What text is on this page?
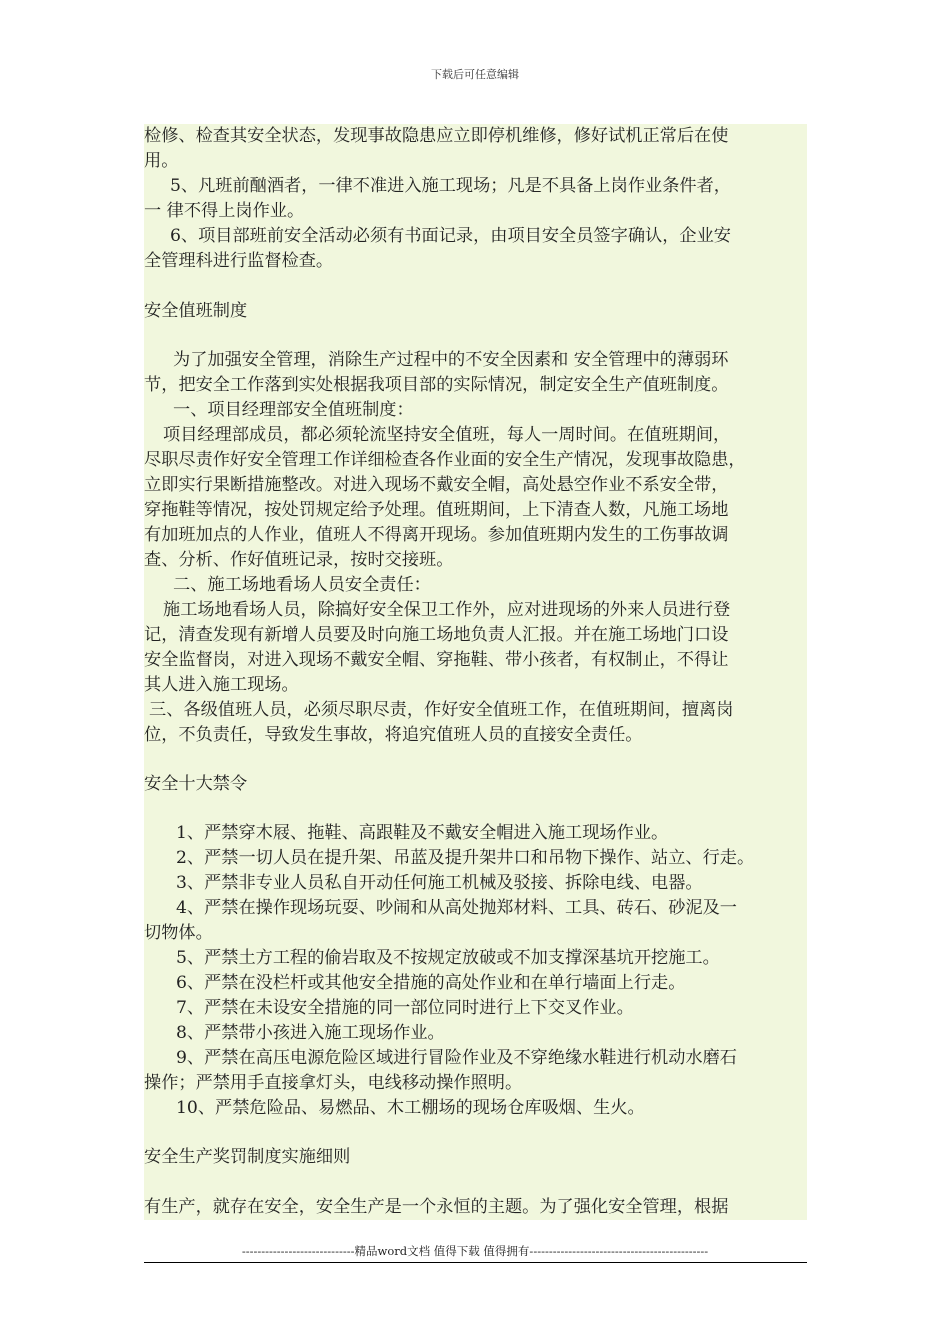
下载后可任意编辑
检修、检查其安全状态，发现事故隐患应立即停机维修，修好试机正常后在使
用。
5、凡班前酗酒者，一律不准进入施工现场；凡是不具备上岗作业条件者，
一 律不得上岗作业。
6、项目部班前安全活动必须有书面记录，由项目安全员签字确认，企业安
全管理科进行监督检查。
安全值班制度
为了加强安全管理，消除生产过程中的不安全因素和 安全管理中的薄弱环
节，把安全工作落到实处根据我项目部的实际情况，制定安全生产值班制度。
一、项目经理部安全值班制度：
项目经理部成员，都必须轮流坚持安全值班，每人一周时间。在值班期间，
尽职尽责作好安全管理工作详细检查各作业面的安全生产情况，发现事故隐患，
立即实行果断措施整改。对进入现场不戴安全帽，高处悬空作业不系安全带，
穿拖鞋等情况，按处罚规定给予处理。值班期间，上下清查人数，凡施工场地
有加班加点的人作业，值班人不得离开现场。参加值班期内发生的工伤事故调
查、分析、作好值班记录，按时交接班。
二、施工场地看场人员安全责任：
施工场地看场人员，除搞好安全保卫工作外，应对进现场的外来人员进行登
记，清查发现有新增人员要及时向施工场地负责人汇报。并在施工场地门口设
安全监督岗，对进入现场不戴安全帽、穿拖鞋、带小孩者，有权制止，不得让
其人进入施工现场。
三、各级值班人员，必须尽职尽责，作好安全值班工作，在值班期间，擅离岗
位，不负责任，导致发生事故，将追究值班人员的直接安全责任。
安全十大禁令
1、严禁穿木屐、拖鞋、高跟鞋及不戴安全帽进入施工现场作业。
2、严禁一切人员在提升架、吊蓝及提升架井口和吊物下操作、站立、行走。
3、严禁非专业人员私自开动任何施工机械及驳接、拆除电线、电器。
4、严禁在操作现场玩耍、吵闹和从高处抛郑材料、工具、砖石、砂泥及一
切物体。
5、严禁土方工程的偷岩取及不按规定放破或不加支撑深基坑开挖施工。
6、严禁在没栏杆或其他安全措施的高处作业和在单行墙面上行走。
7、严禁在未设安全措施的同一部位同时进行上下交叉作业。
8、严禁带小孩进入施工现场作业。
9、严禁在高压电源危险区域进行冒险作业及不穿绝缘水鞋进行机动水磨石
操作；严禁用手直接拿灯头，电线移动操作照明。
10、严禁危险品、易燃品、木工棚场的现场仓库吸烟、生火。
安全生产奖罚制度实施细则
有生产，就存在安全，安全生产是一个永恒的主题。为了强化安全管理，根据
-----------------------------精品word文档 值得下载 值得拥有----------------------------------------------
